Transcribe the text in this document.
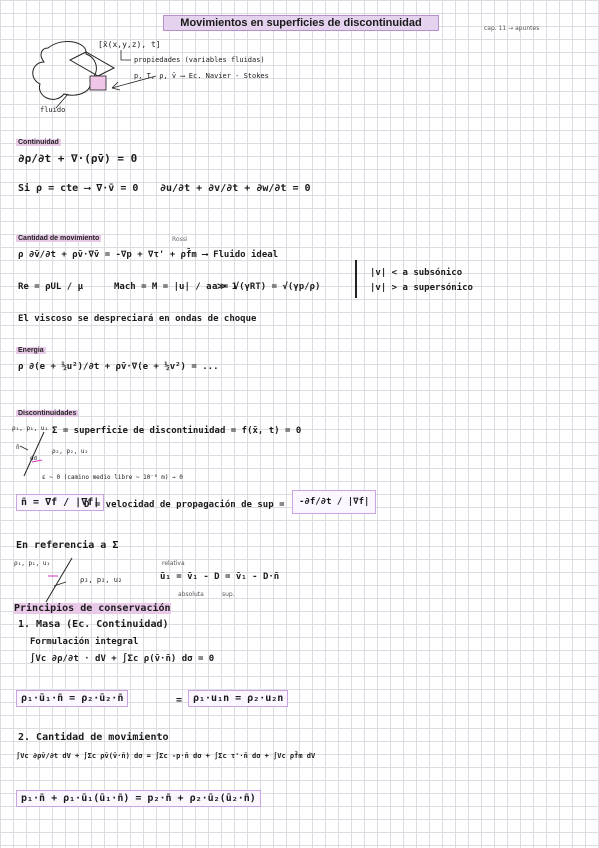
Movimientos en superficies de discontinuidad	cap. 11 → apuntes
[x̄(x,y,z), t]
propiedades (variables fluidas)
p, T, ρ, v̄ ⟶ Ec. Navier - Stokes
fluido
Continuidad
∂ρ/∂t + ∇·(ρv̄) = 0
Si ρ = cte ⟶ ∇·v̄ = 0 ∂u/∂t + ∂v/∂t + ∂w/∂t = 0
Cantidad de movimiento	Rossi
ρ ∂v̄/∂t + ρv̄·∇v̄ = -∇p + ∇τ' + ρf̄m ⟶ Fluido ideal
Re = ρUL / μ	Mach = M = |u| / a ≫ 1
a = √(γRT) = √(γp/ρ)
|v| < a subsónico
|v| > a supersónico
El viscoso se despreciará en ondas de choque
Energia
ρ ∂(e + ½u²)/∂t + ρv̄·∇(e + ½v²) = ...
Discontinuidades
ρ₁, p₁, u₁
n̄
dσ
ρ₂, p₂, u₂
Σ = superficie de discontinuidad = f(x̄, t) = 0
ε ~ 0 (camino medio libre ~ 10⁻⁸ m) → 0
n̄ = ∇f / |∇f|
D = velocidad de propagación de sup =	-∂f/∂t / |∇f|
En referencia a Σ
ρ₁, p₁, u₁
ρ₂, p₂, u₂
relativa
ū₁ = v̄₁ - D = v̄₁ - D·n̄
absoluta	sup.
Principios de conservación
1. Masa (Ec. Continuidad)
Formulación integral
∫Vc ∂ρ/∂t · dV + ∫Σc ρ(v̄·n̄) dσ = 0
ρ₁·ū₁·n̄ = ρ₂·ū₂·n̄	=	ρ₁·u₁n = ρ₂·u₂n
2. Cantidad de movimiento
∫Vc ∂ρv̄/∂t dV + ∫Σc ρv̄(v̄·n̄) dσ = ∫Σc -p·n̄ dσ + ∫Σc τ'·n̄ dσ + ∫Vc ρf̄m dV
p₁·n̄ + ρ₁·ū₁(ū₁·n̄) = p₂·n̄ + ρ₂·ū₂(ū₂·n̄)
